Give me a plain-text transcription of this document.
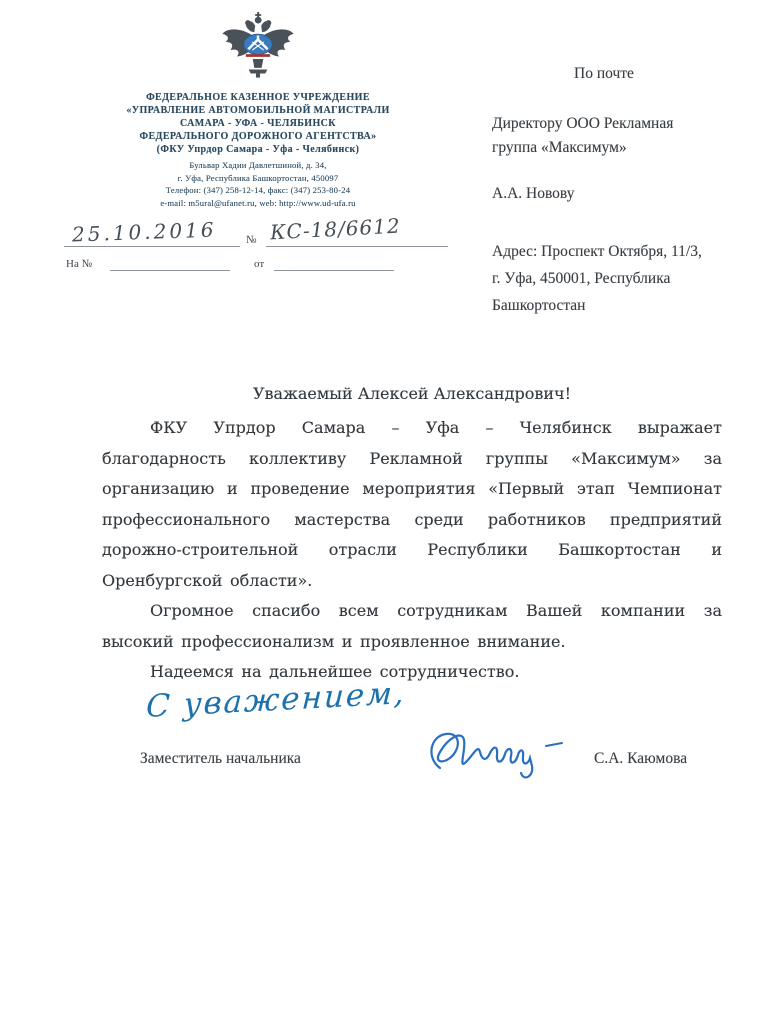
ФЕДЕРАЛЬНОЕ КАЗЕННОЕ УЧРЕЖДЕНИЕ
«УПРАВЛЕНИЕ АВТОМОБИЛЬНОЙ МАГИСТРАЛИ
САМАРА - УФА - ЧЕЛЯБИНСК
ФЕДЕРАЛЬНОГО ДОРОЖНОГО АГЕНТСТВА»
(ФКУ Упрдор Самара - Уфа - Челябинск)
Бульвар Хадии Давлетшиной, д. 34,
г. Уфа, Республика Башкортостан, 450097
Телефон: (347) 258-12-14, факс: (347) 253-80-24
e-mail: m5ural@ufanet.ru, web: http://www.ud-ufa.ru
25.10.2016	№ КС-18/6612
На №	от
По почте
Директору ООО Рекламная
группа «Максимум»
А.А. Новову
Адрес: Проспект Октября, 11/3,
г. Уфа, 450001, Республика
Башкортостан
Уважаемый Алексей Александрович!

ФКУ Упрдор Самара – Уфа – Челябинск выражает благодарность коллективу Рекламной группы «Максимум» за организацию и проведение мероприятия «Первый этап Чемпионат профессионального мастерства среди работников предприятий дорожно-строительной отрасли Республики Башкортостан и Оренбургской области».

Огромное спасибо всем сотрудникам Вашей компании за высокий профессионализм и проявленное внимание.

Надеемся на дальнейшее сотрудничество.

С уважением,
Заместитель начальника	С.А. Каюмова
